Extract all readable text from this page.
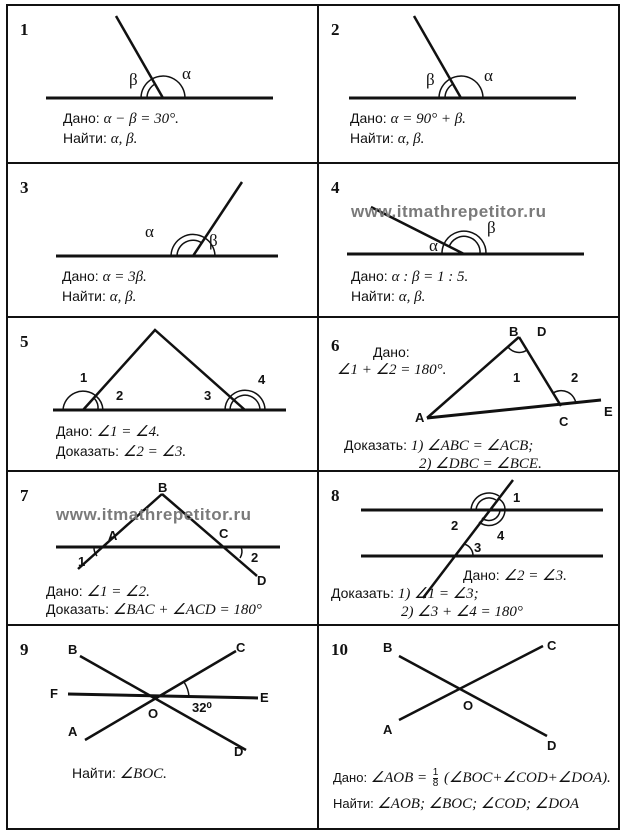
1
β	α
Дано: α − β = 30°.
Найти: α, β.
2
β	α
Дано: α = 90° + β.
Найти: α, β.
3
α	β
Дано: α = 3β.
Найти: α, β.
4
www.itmathrepetitor.ru
α
β
Дано: α : β = 1 : 5.
Найти: α, β.
5
1
2	3
4
Дано: ∠1 = ∠4.
Доказать: ∠2 = ∠3.
6
B D
A	C
E
1	2
Дано:
∠1 + ∠2 = 180°.
Доказать: 1) ∠ABC = ∠ACB;
2) ∠DBC = ∠BCE.
7
www.itmathrepetitor.ru
B
A	C
D
1	2
Дано: ∠1 = ∠2.
Доказать: ∠BAC + ∠ACD = 180°
8	1
2
3
4
Дано: ∠2 = ∠3.
Доказать: 1) ∠1 = ∠3;
2) ∠3 + ∠4 = 180°
9	B	C
F	E
A
O
D
32⁰
Найти: ∠BOC.
10	B	C
A
O
D
Дано: ∠AOB = $\frac{1}{8}$ (∠BOC+∠COD+∠DOA).
Найти: ∠AOB; ∠BOC; ∠COD; ∠DOA
